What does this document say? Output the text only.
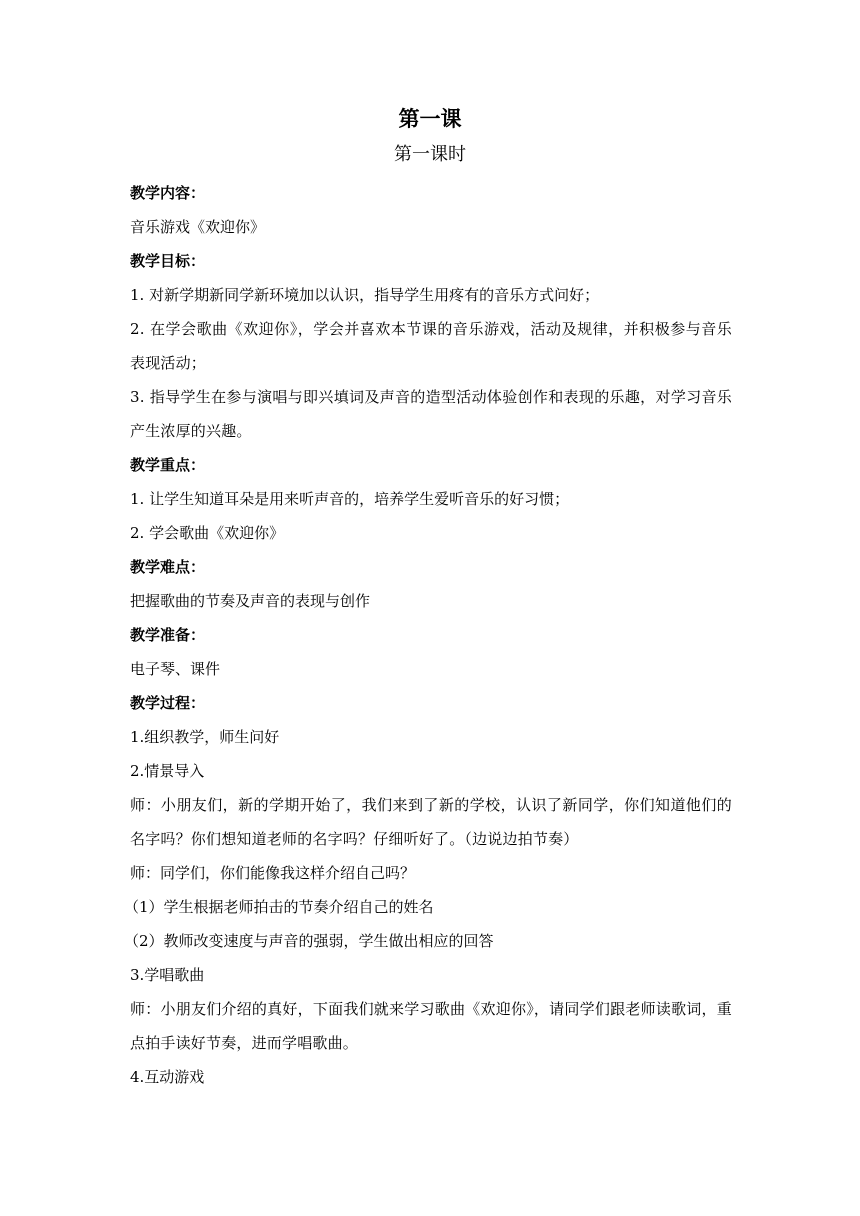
第一课
第一课时
教学内容：
音乐游戏《欢迎你》
教学目标：
1. 对新学期新同学新环境加以认识，指导学生用疼有的音乐方式问好；
2. 在学会歌曲《欢迎你》，学会并喜欢本节课的音乐游戏，活动及规律，并积极参与音乐表现活动；
3. 指导学生在参与演唱与即兴填词及声音的造型活动体验创作和表现的乐趣，对学习音乐产生浓厚的兴趣。
教学重点：
1. 让学生知道耳朵是用来听声音的，培养学生爱听音乐的好习惯；
2. 学会歌曲《欢迎你》
教学难点：
把握歌曲的节奏及声音的表现与创作
教学准备：
电子琴、课件
教学过程：
1.组织教学，师生问好
2.情景导入
师：小朋友们，新的学期开始了，我们来到了新的学校，认识了新同学，你们知道他们的名字吗？你们想知道老师的名字吗？仔细听好了。（边说边拍节奏）
师：同学们，你们能像我这样介绍自己吗？
（1）学生根据老师拍击的节奏介绍自己的姓名
（2）教师改变速度与声音的强弱，学生做出相应的回答
3.学唱歌曲
师：小朋友们介绍的真好，下面我们就来学习歌曲《欢迎你》，请同学们跟老师读歌词，重点拍手读好节奏，进而学唱歌曲。
4.互动游戏
